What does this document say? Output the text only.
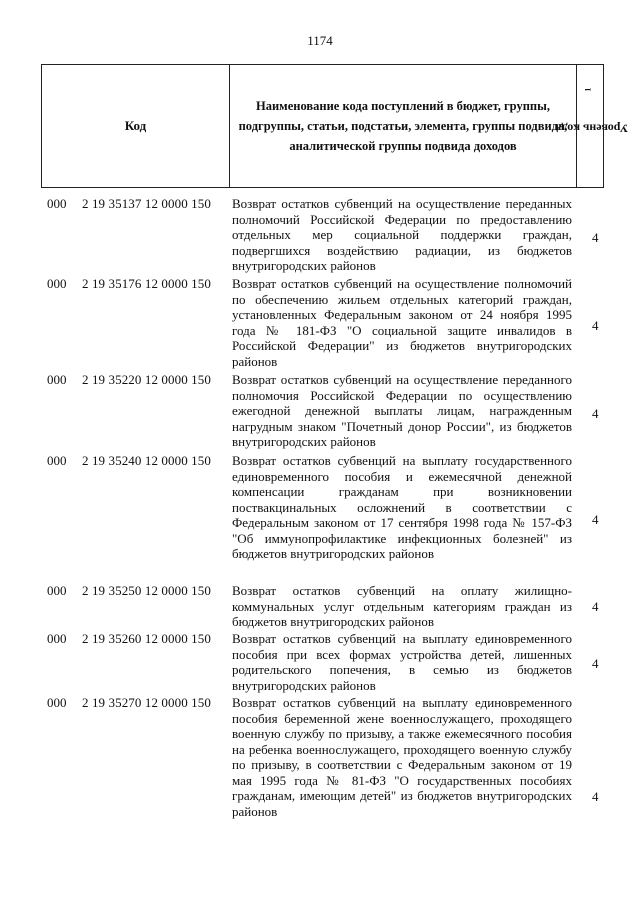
1174
Код
Наименование кода поступлений в бюджет, группы, подгруппы, статьи, подстатьи, элемента, группы подвида, аналитической группы подвида доходов
Уровень кода$^1$
000 2 19 35137 12 0000 150 Возврат остатков субвенций на осуществление переданных полномочий Российской Федерации по предоставлению отдельных мер социальной поддержки граждан, подвергшихся воздействию радиации, из бюджетов внутригородских районов
4
000 2 19 35176 12 0000 150 Возврат остатков субвенций на осуществление полномочий по обеспечению жильем отдельных категорий граждан, установленных Федеральным законом от 24 ноября 1995 года № 181-ФЗ "О социальной защите инвалидов в Российской Федерации" из бюджетов внутригородских районов
4
000 2 19 35220 12 0000 150 Возврат остатков субвенций на осуществление переданного полномочия Российской Федерации по осуществлению ежегодной денежной выплаты лицам, награжденным нагрудным знаком "Почетный донор России", из бюджетов внутригородских районов
4
000 2 19 35240 12 0000 150 Возврат остатков субвенций на выплату государственного единовременного пособия и ежемесячной денежной компенсации гражданам при возникновении поствакцинальных осложнений в соответствии с Федеральным законом от 17 сентября 1998 года № 157-ФЗ "Об иммунопрофилактике инфекционных болезней" из бюджетов внутригородских районов
4
000 2 19 35250 12 0000 150 Возврат остатков субвенций на оплату жилищно-коммунальных услуг отдельным категориям граждан из бюджетов внутригородских районов
4
000 2 19 35260 12 0000 150 Возврат остатков субвенций на выплату единовременного пособия при всех формах устройства детей, лишенных родительского попечения, в семью из бюджетов внутригородских районов
4
000 2 19 35270 12 0000 150 Возврат остатков субвенций на выплату единовременного пособия беременной жене военнослужащего, проходящего военную службу по призыву, а также ежемесячного пособия на ребенка военнослужащего, проходящего военную службу по призыву, в соответствии с Федеральным законом от 19 мая 1995 года № 81-ФЗ "О государственных пособиях гражданам, имеющим детей" из бюджетов внутригородских районов
4
